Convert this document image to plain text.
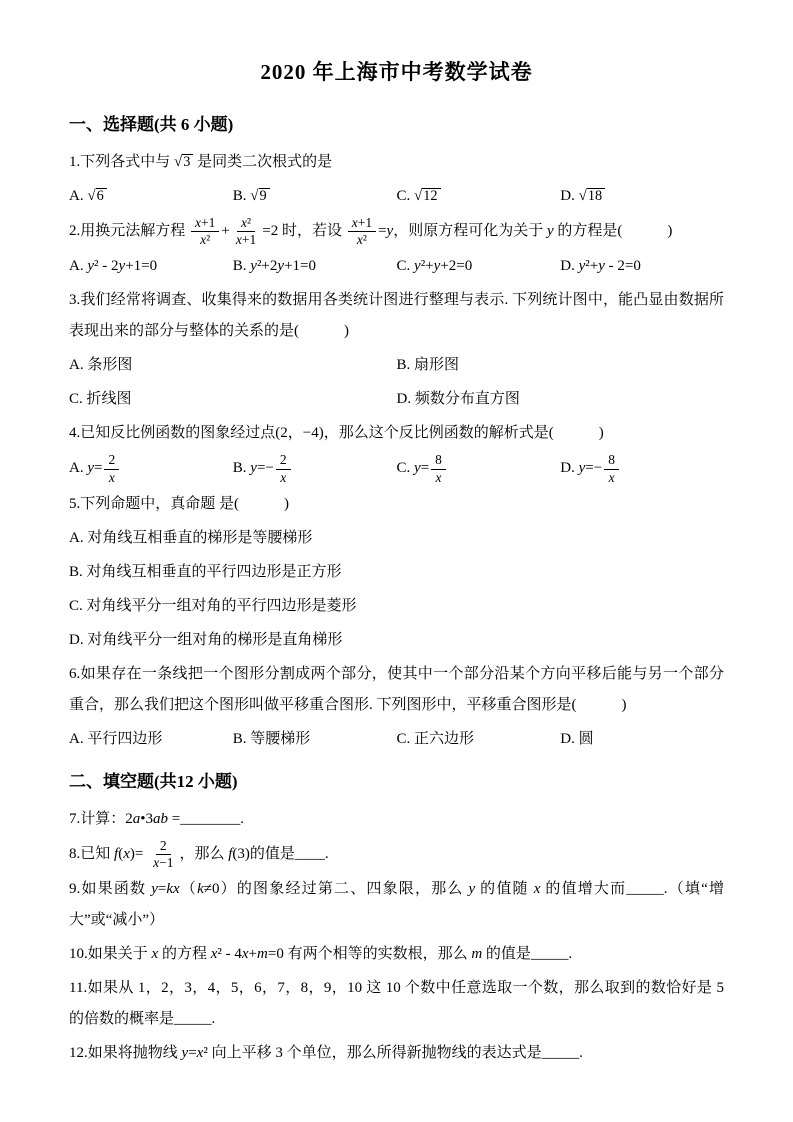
2020 年上海市中考数学试卷
一、选择题(共 6 小题)
1.下列各式中与 √3 是同类二次根式的是
A. √6	B. √9	C. √12	D. √18
2.用换元法解方程 $\frac{x+1}{\text{x²}} + \frac{\text{x²}}{x+1} =2$ 时，若设 $\frac{x+1}{\text{x²}} =y$，则原方程可化为关于 y 的方程是(　　　)
A. y² - 2y+1=0	B. y²+2y+1=0	C. y²+y+2=0	D. y²+y - 2=0
3.我们经常将调查、收集得来的数据用各类统计图进行整理与表示. 下列统计图中，能凸显由数据所表现出来的部分与整体的关系的是(　　　)
A. 条形图	B. 扇形图
C. 折线图	D. 频数分布直方图
4.已知反比例函数的图象经过点(2，−4)，那么这个反比例函数的解析式是(　　　)
A. $y= \frac{2}{x}$	B. $y=- \frac{2}{x}$	C. $y= \frac{8}{x}$	D. $y=- \frac{8}{x}$
5.下列命题中，真命题 是(　　　)
A. 对角线互相垂直的梯形是等腰梯形
B. 对角线互相垂直的平行四边形是正方形
C. 对角线平分一组对角的平行四边形是菱形
D. 对角线平分一组对角的梯形是直角梯形
6.如果存在一条线把一个图形分割成两个部分，使其中一个部分沿某个方向平移后能与另一个部分重合，那么我们把这个图形叫做平移重合图形. 下列图形中，平移重合图形是(　　　)
A. 平行四边形	B. 等腰梯形	C. 正六边形	D. 圆
二、填空题(共12 小题)
7.计算：2a•3ab =________.
8.已知 $f(x)= \frac{2}{x-1}$ ，那么 f(3)的值是____.
9.如果函数 y=kx（k≠0）的图象经过第二、四象限，那么 y 的值随 x 的值增大而_____.（填“增大”或“减小”）
10.如果关于 x 的方程 x² - 4x+m=0 有两个相等的实数根，那么 m 的值是_____.
11.如果从 1，2，3，4，5，6，7，8，9，10 这 10 个数中任意选取一个数，那么取到的数恰好是 5 的倍数的概率是_____.
12.如果将抛物线 y=x² 向上平移 3 个单位，那么所得新抛物线的表达式是_____.
